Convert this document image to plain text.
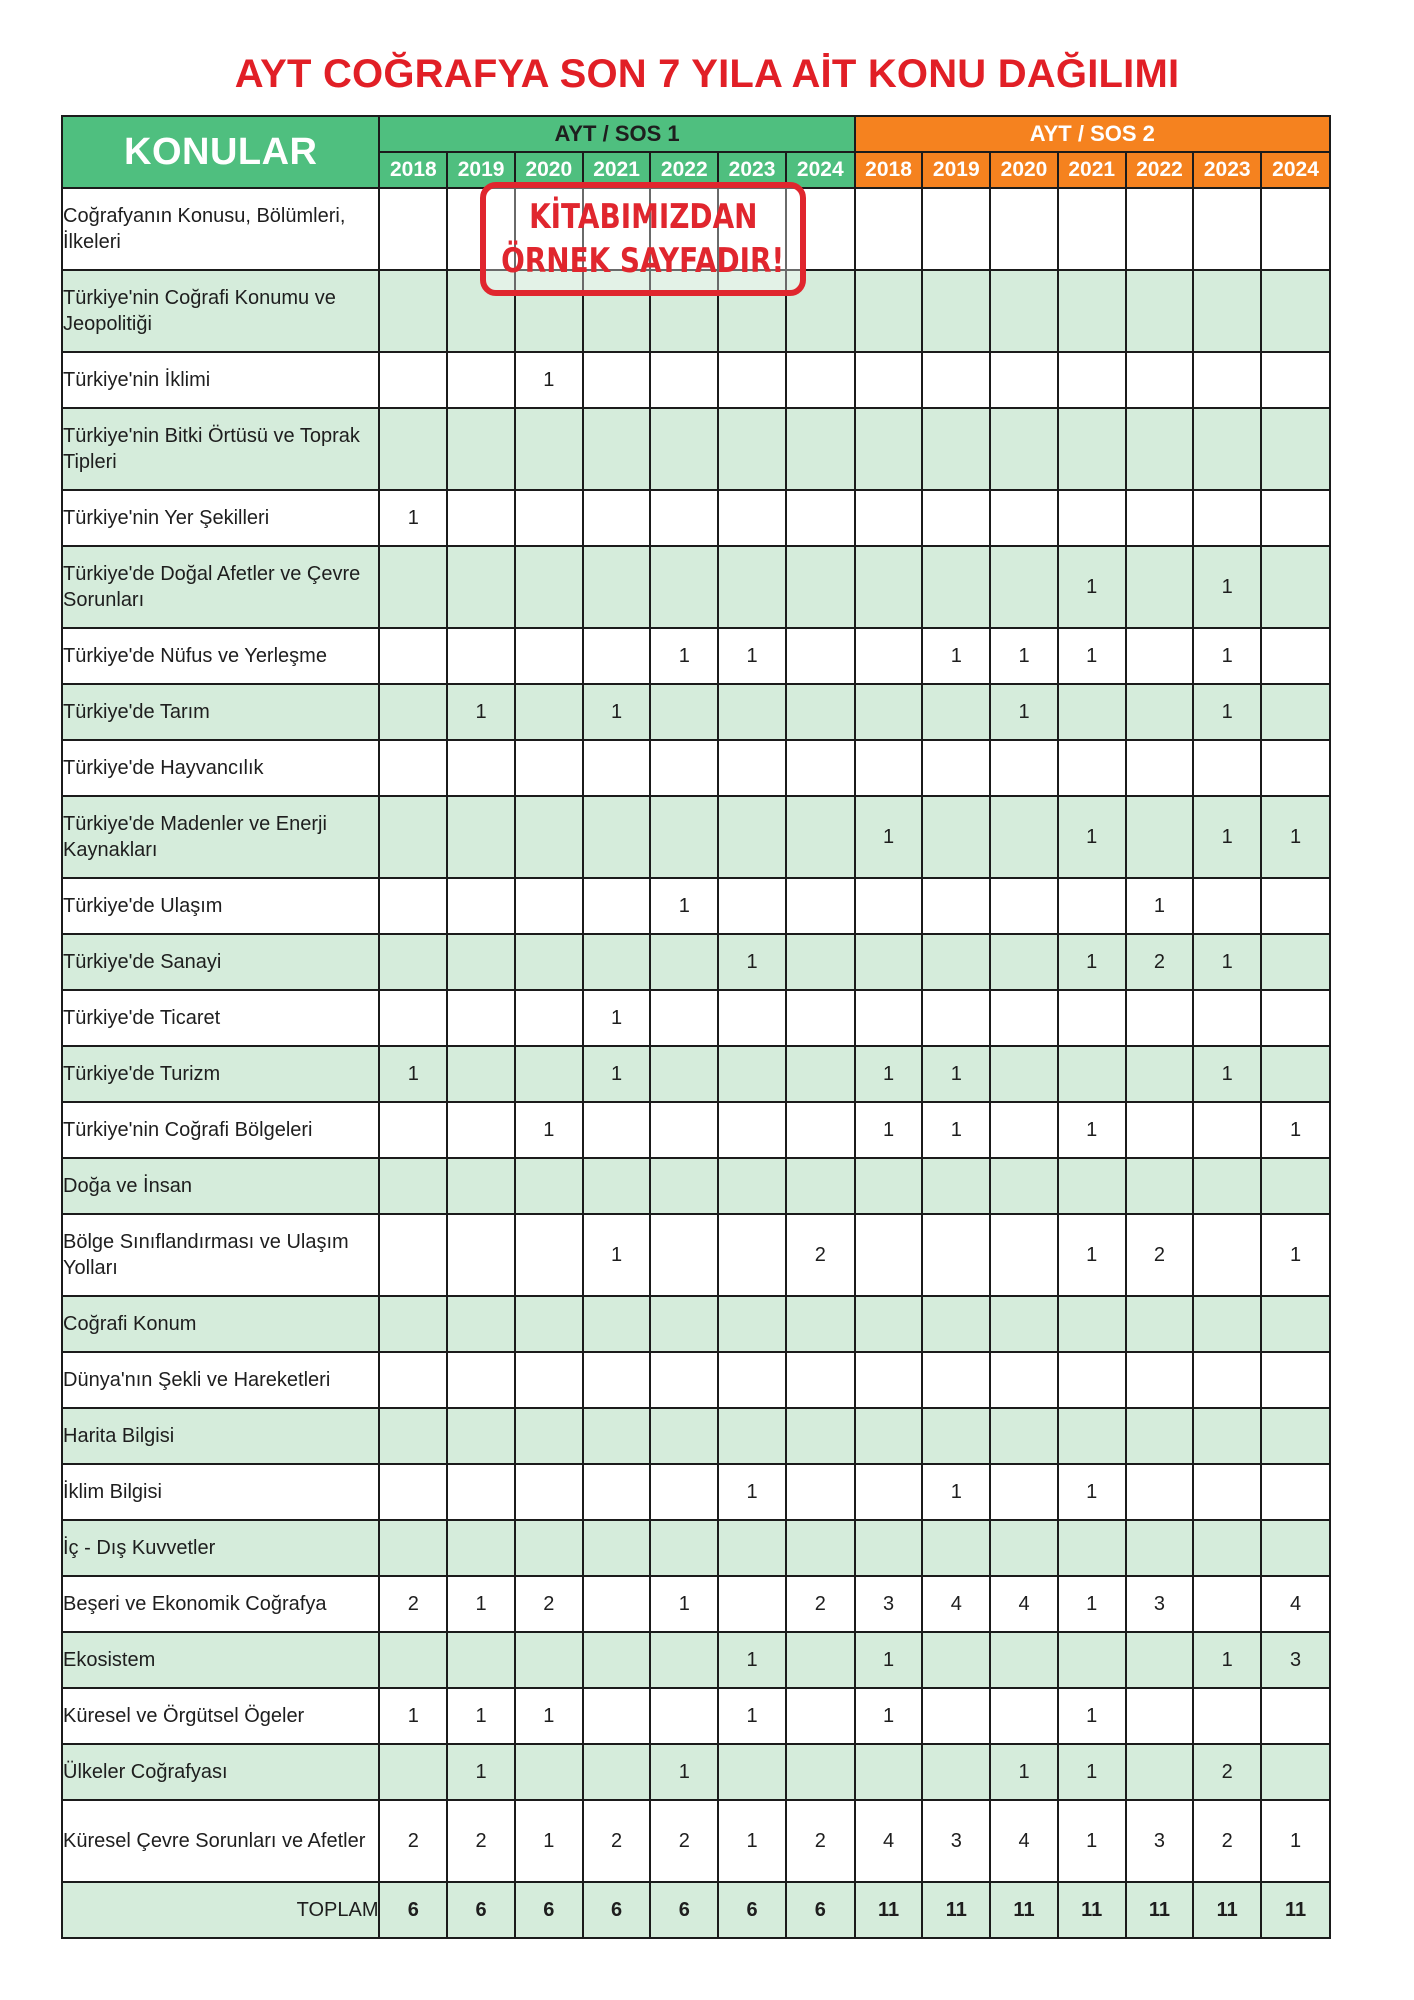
AYT COĞRAFYA SON 7 YILA AİT KONU DAĞILIMI
KONULAR	AYT / SOS 1							AYT / SOS 2						
	2018	2019	2020	2021	2022	2023	2024	2018	2019	2020	2021	2022	2023	2024
Coğrafyanın Konusu, Bölümleri, İlkeleri														
Türkiye'nin Coğrafi Konumu ve Jeopolitiği														
Türkiye'nin İklimi			1											
Türkiye'nin Bitki Örtüsü ve Toprak Tipleri														
Türkiye'nin Yer Şekilleri	1													
Türkiye'de Doğal Afetler ve Çevre Sorunları											1		1	
Türkiye'de Nüfus ve Yerleşme					1	1			1	1	1		1	
Türkiye'de Tarım		1		1						1			1	
Türkiye'de Hayvancılık														
Türkiye'de Madenler ve Enerji Kaynakları								1			1		1	1
Türkiye'de Ulaşım					1							1		
Türkiye'de Sanayi						1					1	2	1	
Türkiye'de Ticaret				1										
Türkiye'de Turizm	1			1				1	1				1	
Türkiye'nin Coğrafi Bölgeleri			1					1	1		1			1
Doğa ve İnsan														
Bölge Sınıflandırması ve Ulaşım Yolları				1			2				1	2		1
Coğrafi Konum														
Dünya'nın Şekli ve Hareketleri														
Harita Bilgisi														
İklim Bilgisi						1			1		1			
İç - Dış Kuvvetler														
Beşeri ve Ekonomik Coğrafya	2	1	2		1		2	3	4	4	1	3		4
Ekosistem						1		1					1	3
Küresel ve Örgütsel Ögeler	1	1	1			1		1			1			
Ülkeler Coğrafyası		1			1					1	1		2	
Küresel Çevre Sorunları ve Afetler	2	2	1	2	2	1	2	4	3	4	1	3	2	1
TOPLAM	6	6	6	6	6	6	6	11	11	11	11	11	11	11
KİTABIMIZDAN
ÖRNEK SAYFADIR!
